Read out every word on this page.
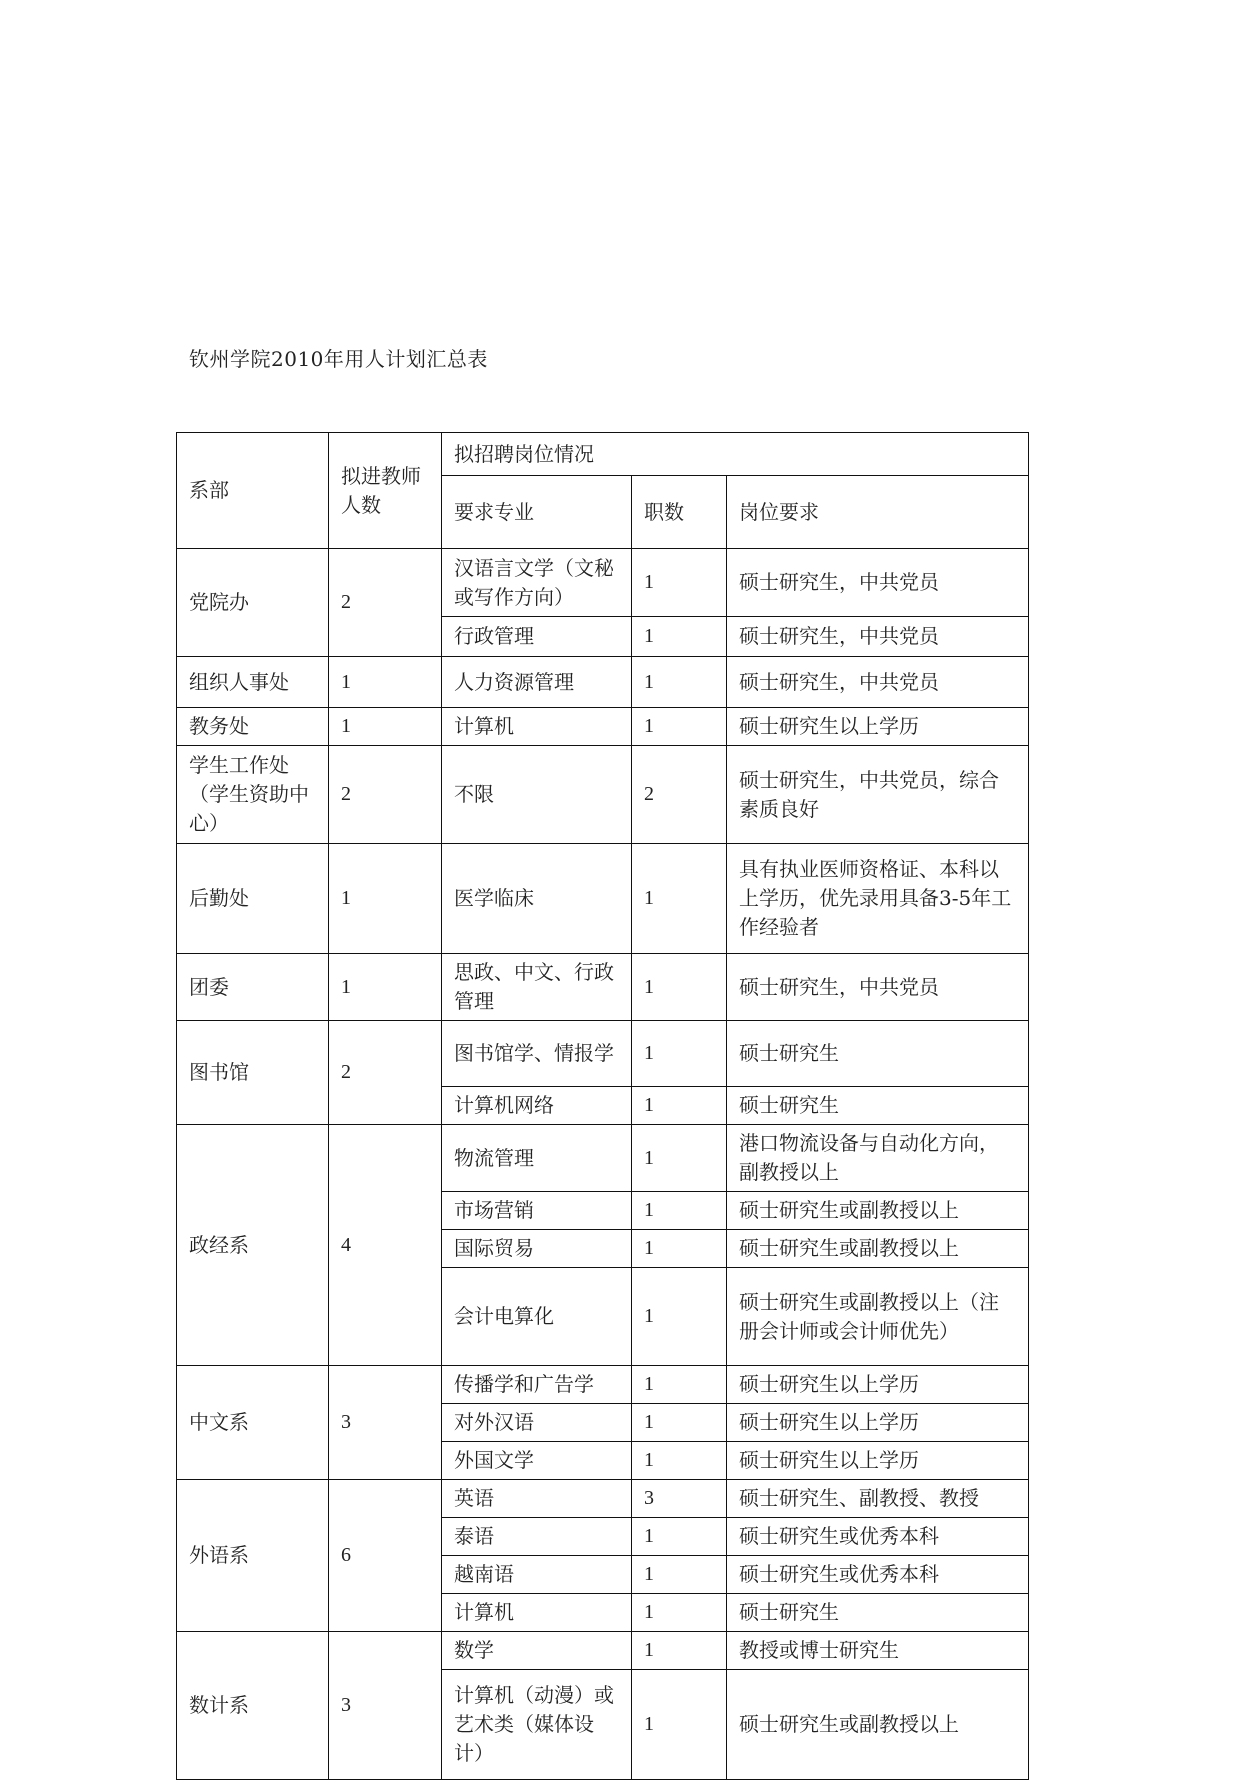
钦州学院2010年用人计划汇总表
系部	拟进教师人数	拟招聘岗位情况		
		要求专业	职数	岗位要求
党院办	2	汉语言文学（文秘或写作方向）	1	硕士研究生，中共党员
		行政管理	1	硕士研究生，中共党员
组织人事处	1	人力资源管理	1	硕士研究生，中共党员
教务处	1	计算机	1	硕士研究生以上学历
学生工作处（学生资助中心）	2	不限	2	硕士研究生，中共党员，综合素质良好
后勤处	1	医学临床	1	具有执业医师资格证、本科以上学历，优先录用具备3-5年工作经验者
团委	1	思政、中文、行政管理	1	硕士研究生，中共党员
图书馆	2	图书馆学、情报学	1	硕士研究生
		计算机网络	1	硕士研究生
政经系	4	物流管理	1	港口物流设备与自动化方向，副教授以上
		市场营销	1	硕士研究生或副教授以上
		国际贸易	1	硕士研究生或副教授以上
		会计电算化	1	硕士研究生或副教授以上（注册会计师或会计师优先）
中文系	3	传播学和广告学	1	硕士研究生以上学历
		对外汉语	1	硕士研究生以上学历
		外国文学	1	硕士研究生以上学历
外语系	6	英语	3	硕士研究生、副教授、教授
		泰语	1	硕士研究生或优秀本科
		越南语	1	硕士研究生或优秀本科
		计算机	1	硕士研究生
数计系	3	数学	1	教授或博士研究生
		计算机（动漫）或艺术类（媒体设计）	1	硕士研究生或副教授以上
